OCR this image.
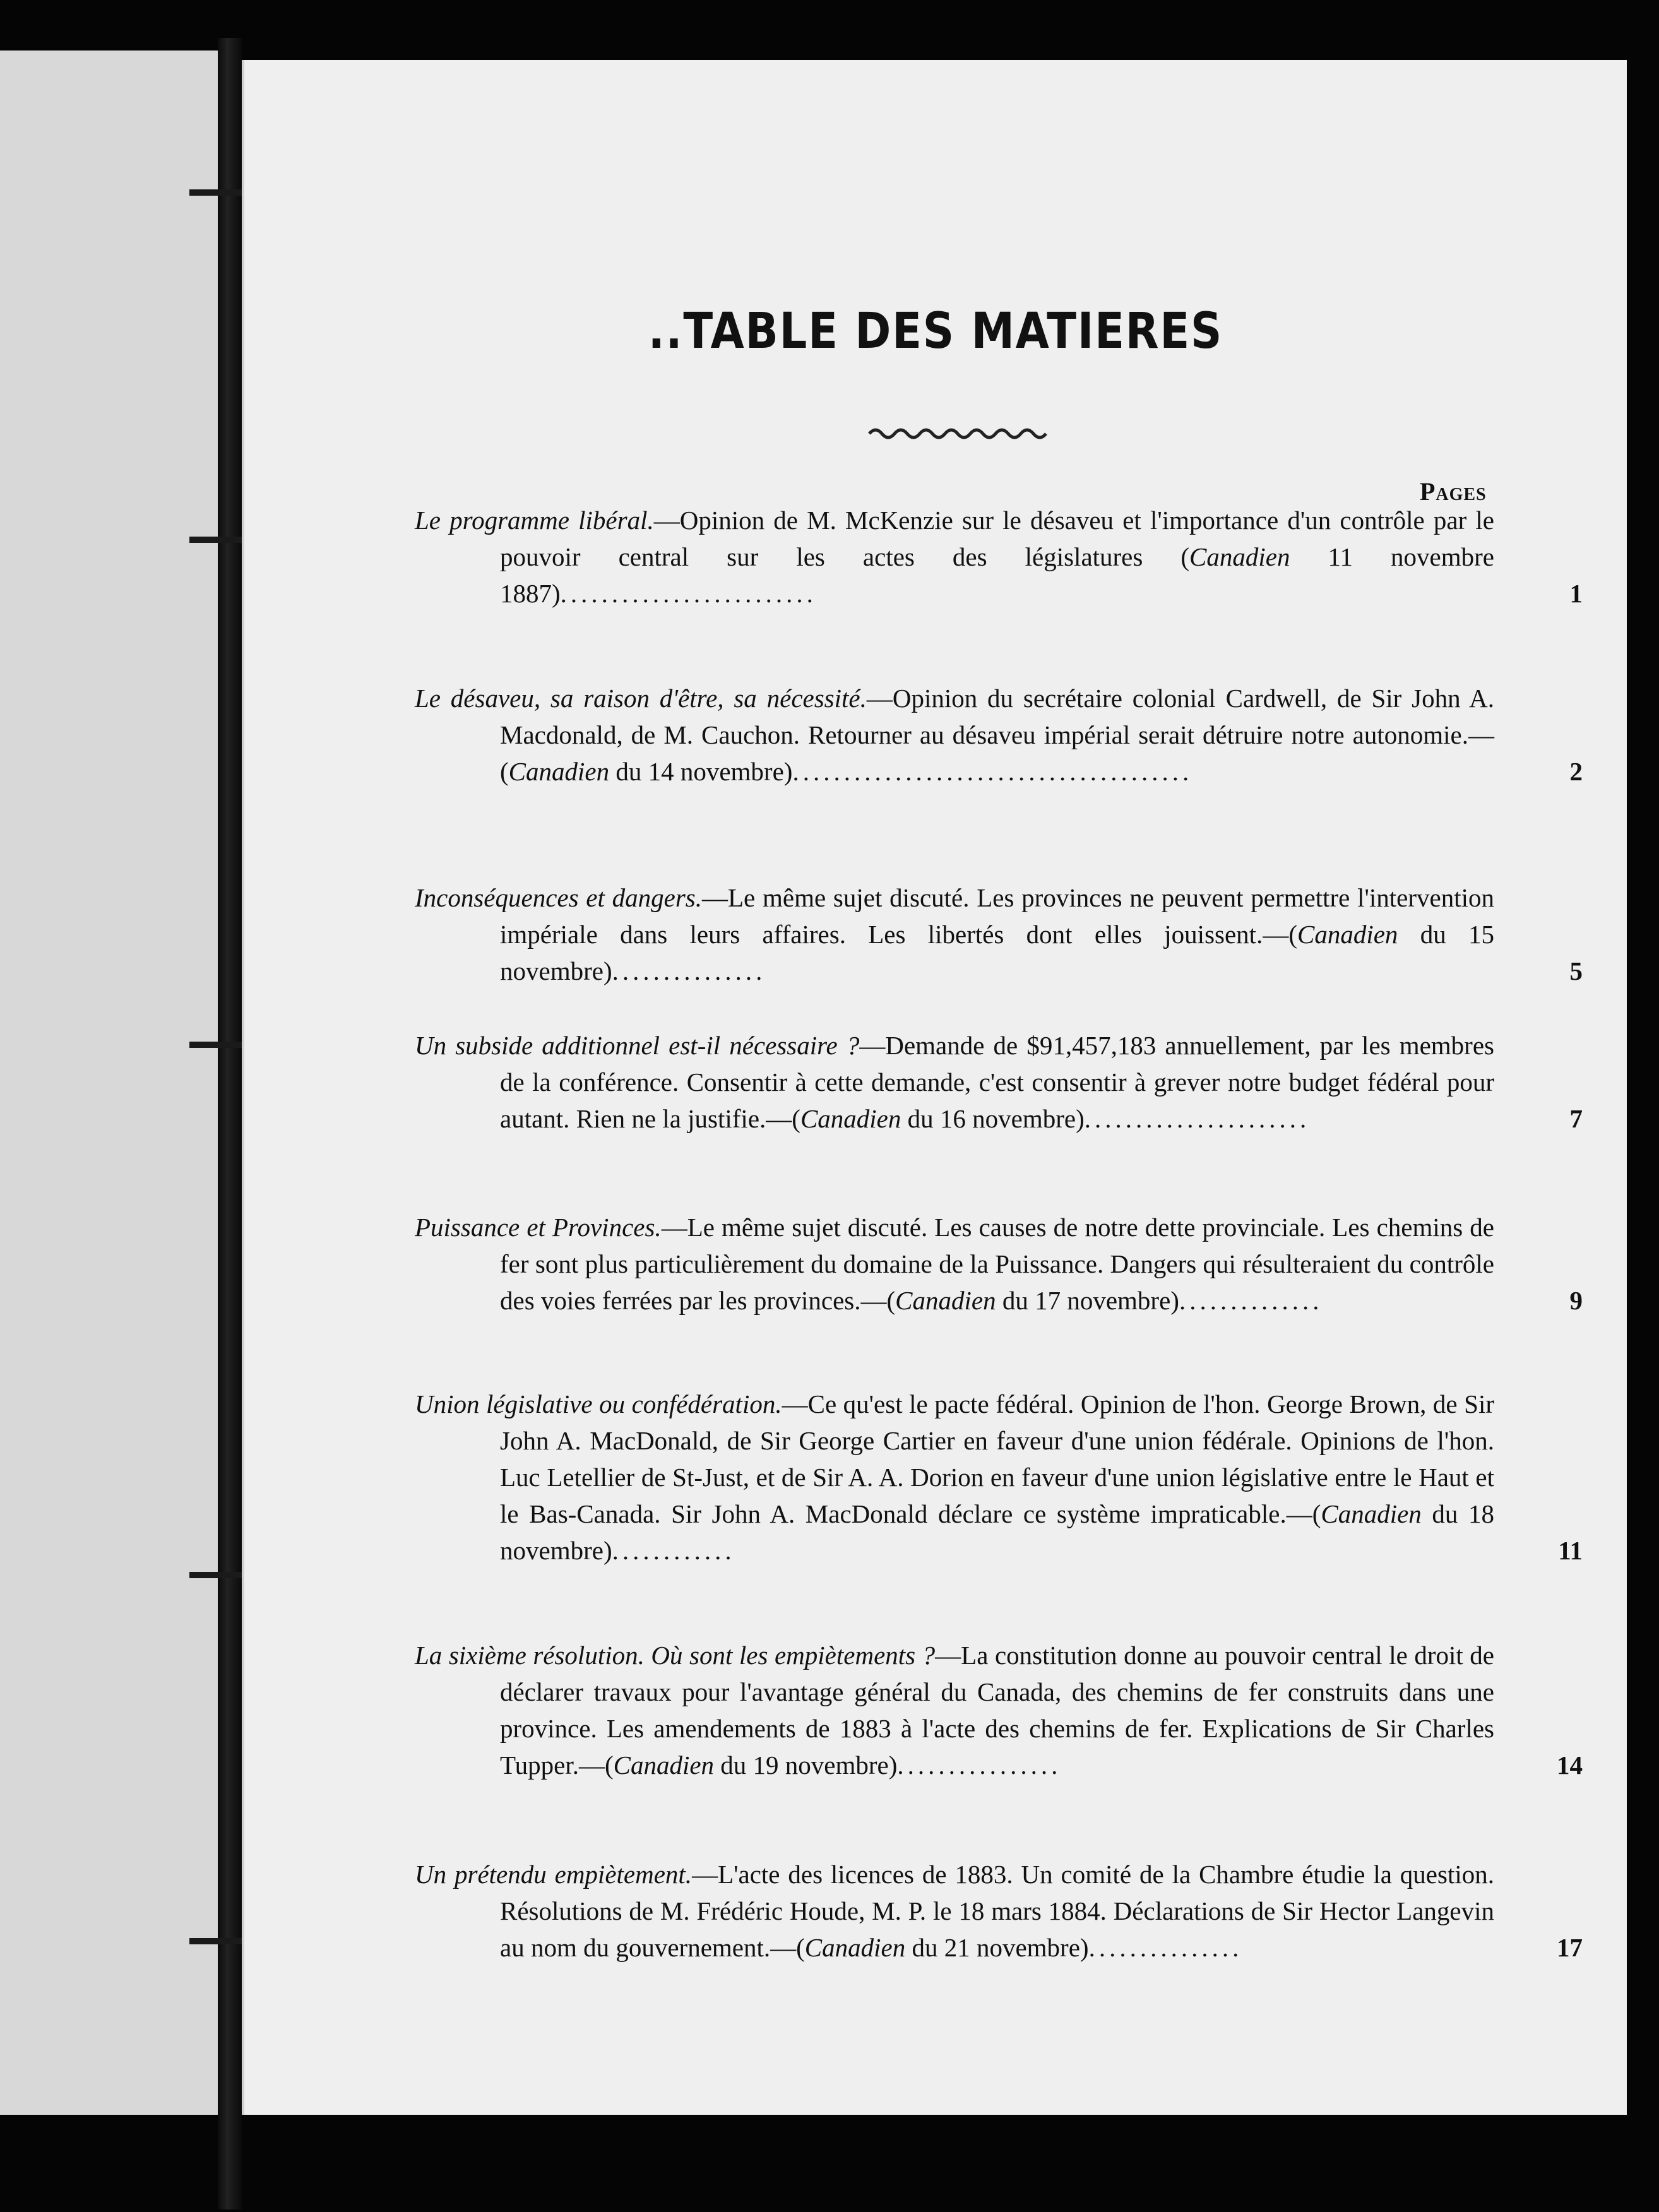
..TABLE DES MATIERES
Pages
Le programme libéral.—Opinion de M. McKenzie sur le désaveu et l'importance d'un contrôle par le pouvoir central sur les actes des législatures (Canadien 11 novembre 1887).........................	1
Le désaveu, sa raison d'être, sa nécessité.—Opinion du secrétaire colonial Cardwell, de Sir John A. Macdonald, de M. Cauchon. Retourner au désaveu impérial serait détruire notre autonomie.—(Canadien du 14 novembre).......................................	2
Inconséquences et dangers.—Le même sujet discuté. Les provinces ne peuvent permettre l'intervention impériale dans leurs affaires. Les libertés dont elles jouissent.—(Canadien du 15 novembre)...............	5
Un subside additionnel est-il nécessaire ?—Demande de $91,457,183 annuellement, par les membres de la conférence. Consentir à cette demande, c'est consentir à grever notre budget fédéral pour autant. Rien ne la justifie.—(Canadien du 16 novembre)......................	7
Puissance et Provinces.—Le même sujet discuté. Les causes de notre dette provinciale. Les chemins de fer sont plus particulièrement du domaine de la Puissance. Dangers qui résulteraient du contrôle des voies ferrées par les provinces.—(Canadien du 17 novembre)..............	9
Union législative ou confédération.—Ce qu'est le pacte fédéral. Opinion de l'hon. George Brown, de Sir John A. MacDonald, de Sir George Cartier en faveur d'une union fédérale. Opinions de l'hon. Luc Letellier de St-Just, et de Sir A. A. Dorion en faveur d'une union législative entre le Haut et le Bas-Canada. Sir John A. MacDonald déclare ce système impraticable.—(Canadien du 18 novembre)............	11
La sixième résolution. Où sont les empiètements ?—La constitution donne au pouvoir central le droit de déclarer travaux pour l'avantage général du Canada, des chemins de fer construits dans une province. Les amendements de 1883 à l'acte des chemins de fer. Explications de Sir Charles Tupper.—(Canadien du 19 novembre)................	14
Un prétendu empiètement.—L'acte des licences de 1883. Un comité de la Chambre étudie la question. Résolutions de M. Frédéric Houde, M. P. le 18 mars 1884. Déclarations de Sir Hector Langevin au nom du gouvernement.—(Canadien du 21 novembre)...............	17
